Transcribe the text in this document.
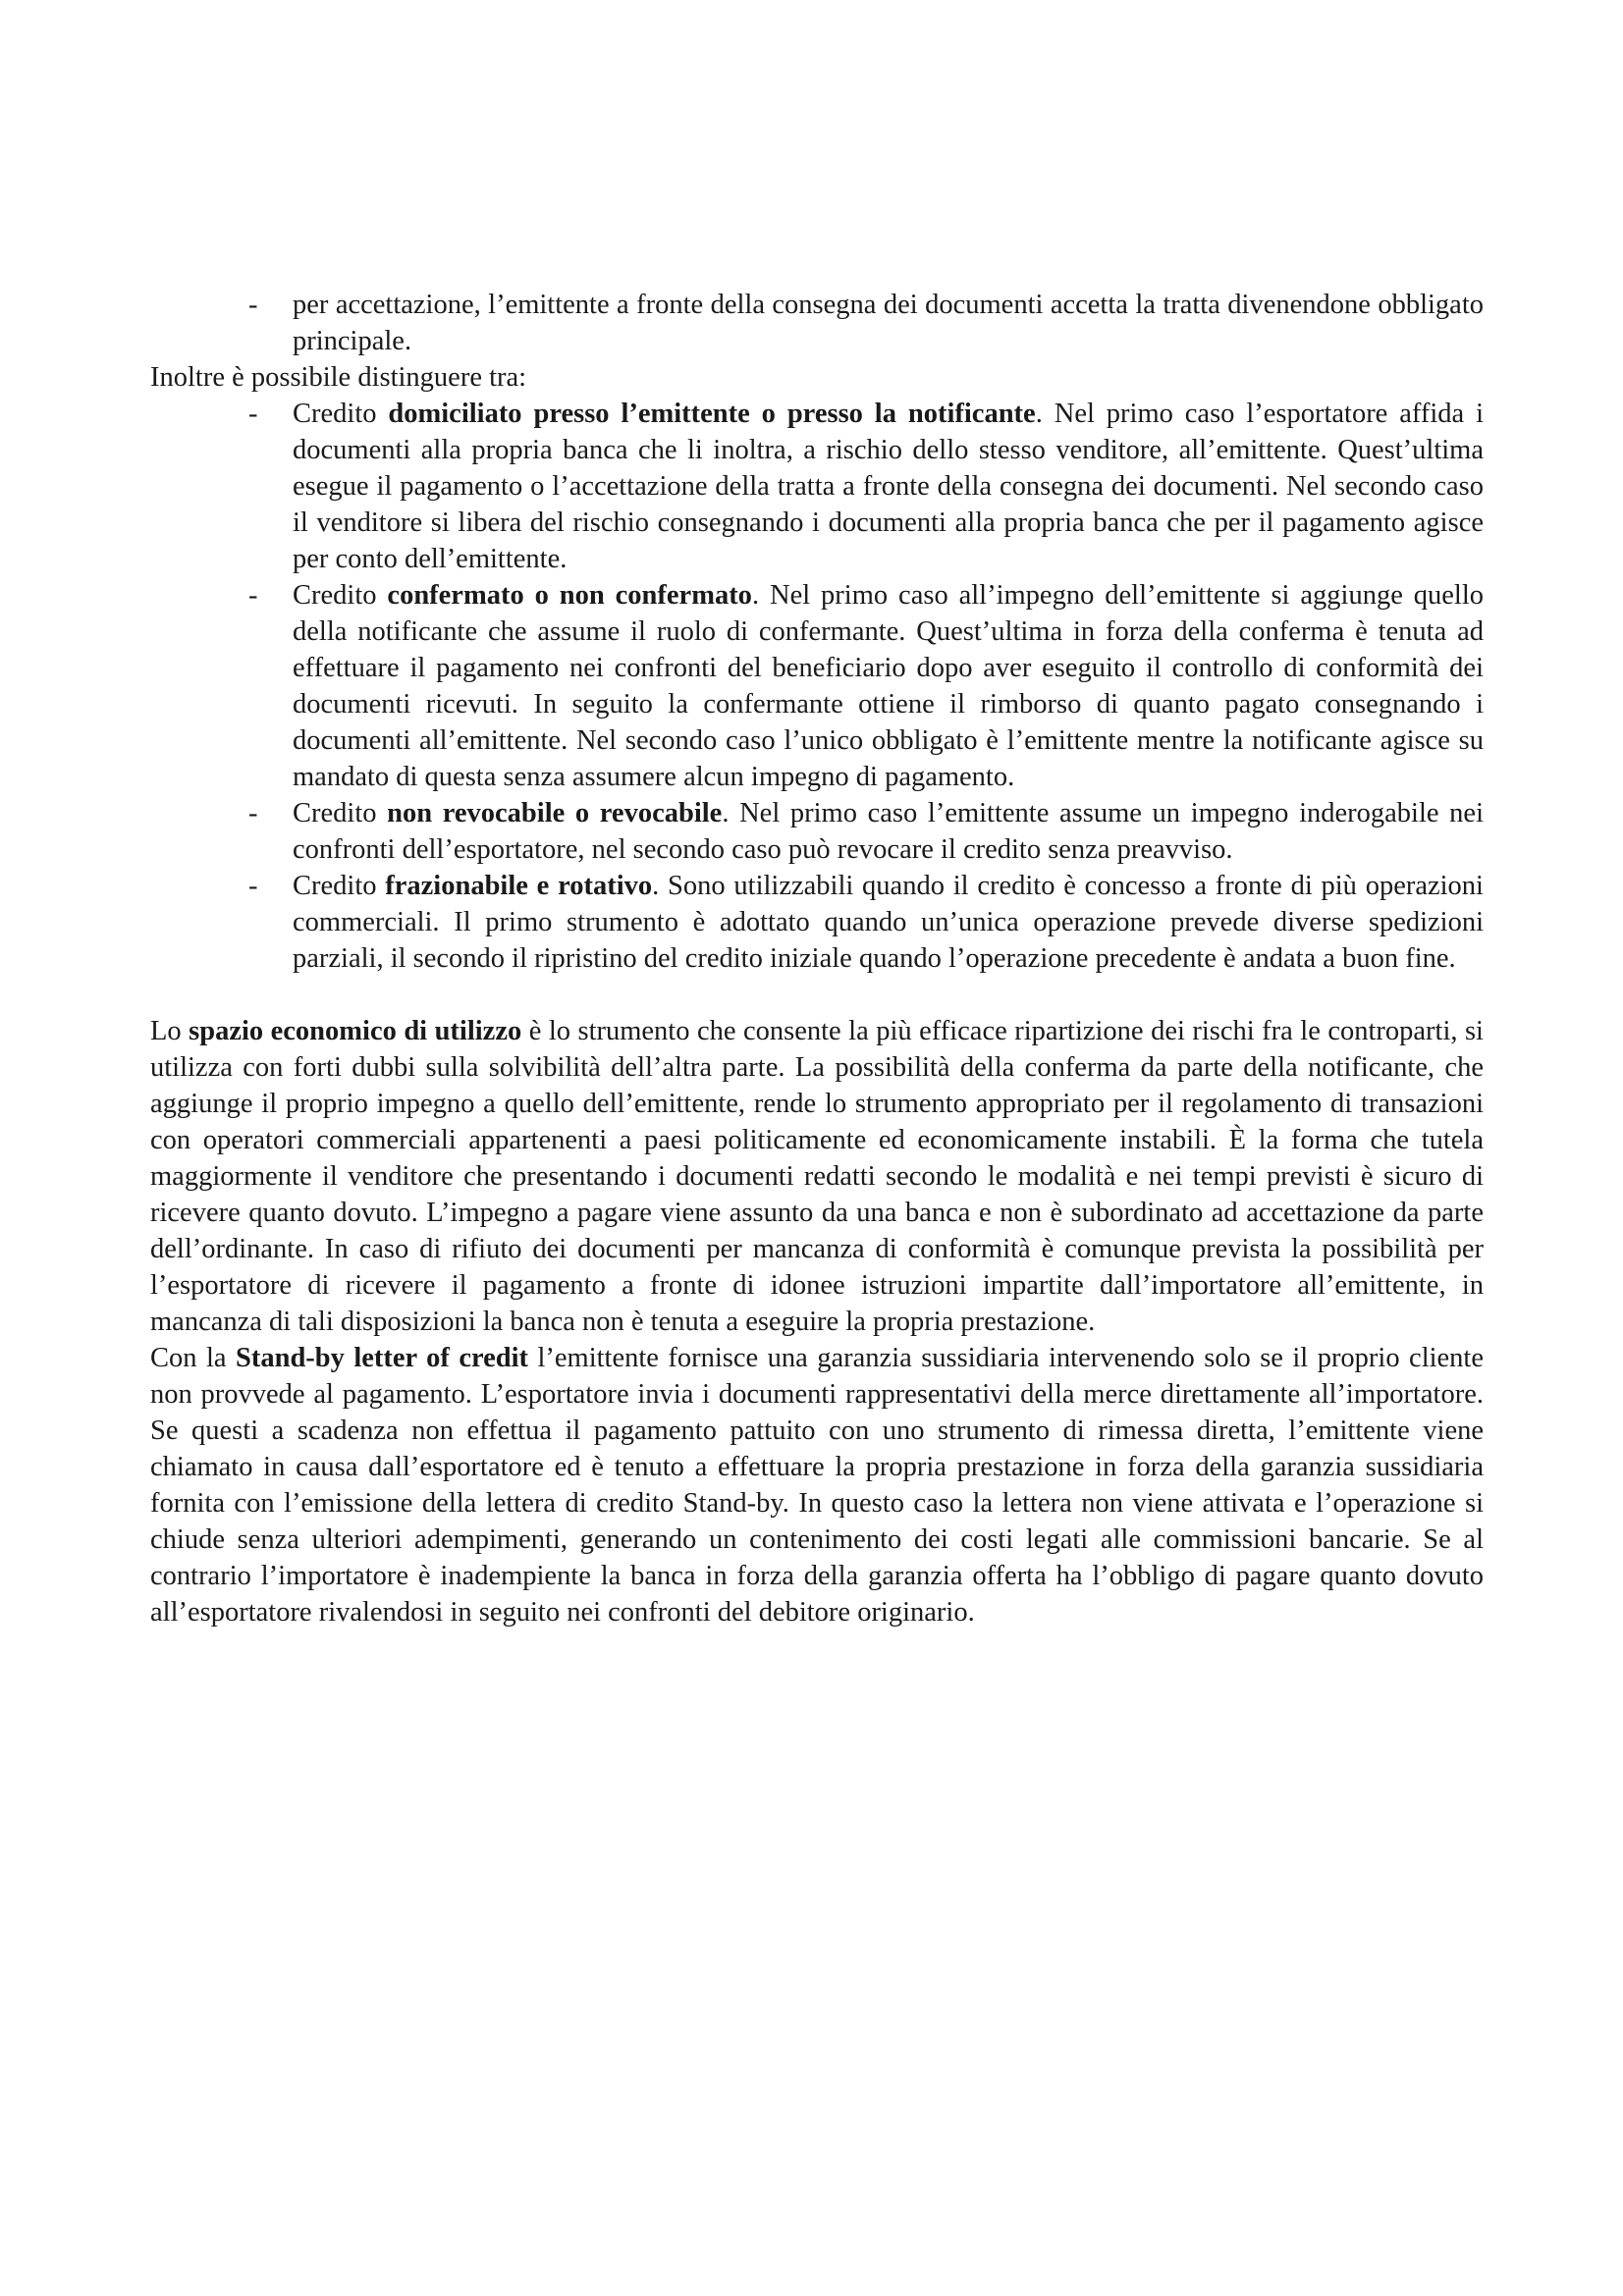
- per accettazione, l’emittente a fronte della consegna dei documenti accetta la tratta divenendone obbligato principale.

Inoltre è possibile distinguere tra:

- Credito domiciliato presso l’emittente o presso la notificante. Nel primo caso l’esportatore affida i documenti alla propria banca che li inoltra, a rischio dello stesso venditore, all’emittente. Quest’ultima esegue il pagamento o l’accettazione della tratta a fronte della consegna dei documenti. Nel secondo caso il venditore si libera del rischio consegnando i documenti alla propria banca che per il pagamento agisce per conto dell’emittente.
- Credito confermato o non confermato. Nel primo caso all’impegno dell’emittente si aggiunge quello della notificante che assume il ruolo di confermante. Quest’ultima in forza della conferma è tenuta ad effettuare il pagamento nei confronti del beneficiario dopo aver eseguito il controllo di conformità dei documenti ricevuti. In seguito la confermante ottiene il rimborso di quanto pagato consegnando i documenti all’emittente. Nel secondo caso l’unico obbligato è l’emittente mentre la notificante agisce su mandato di questa senza assumere alcun impegno di pagamento.
- Credito non revocabile o revocabile. Nel primo caso l’emittente assume un impegno inderogabile nei confronti dell’esportatore, nel secondo caso può revocare il credito senza preavviso.
- Credito frazionabile e rotativo. Sono utilizzabili quando il credito è concesso a fronte di più operazioni commerciali. Il primo strumento è adottato quando un’unica operazione prevede diverse spedizioni parziali, il secondo il ripristino del credito iniziale quando l’operazione precedente è andata a buon fine.

Lo spazio economico di utilizzo è lo strumento che consente la più efficace ripartizione dei rischi fra le controparti, si utilizza con forti dubbi sulla solvibilità dell’altra parte. La possibilità della conferma da parte della notificante, che aggiunge il proprio impegno a quello dell’emittente, rende lo strumento appropriato per il regolamento di transazioni con operatori commerciali appartenenti a paesi politicamente ed economicamente instabili. È la forma che tutela maggiormente il venditore che presentando i documenti redatti secondo le modalità e nei tempi previsti è sicuro di ricevere quanto dovuto. L’impegno a pagare viene assunto da una banca e non è subordinato ad accettazione da parte dell’ordinante. In caso di rifiuto dei documenti per mancanza di conformità è comunque prevista la possibilità per l’esportatore di ricevere il pagamento a fronte di idonee istruzioni impartite dall’importatore all’emittente, in mancanza di tali disposizioni la banca non è tenuta a eseguire la propria prestazione.

Con la Stand-by letter of credit l’emittente fornisce una garanzia sussidiaria intervenendo solo se il proprio cliente non provvede al pagamento. L’esportatore invia i documenti rappresentativi della merce direttamente all’importatore. Se questi a scadenza non effettua il pagamento pattuito con uno strumento di rimessa diretta, l’emittente viene chiamato in causa dall’esportatore ed è tenuto a effettuare la propria prestazione in forza della garanzia sussidiaria fornita con l’emissione della lettera di credito Stand-by. In questo caso la lettera non viene attivata e l’operazione si chiude senza ulteriori adempimenti, generando un contenimento dei costi legati alle commissioni bancarie. Se al contrario l’importatore è inadempiente la banca in forza della garanzia offerta ha l’obbligo di pagare quanto dovuto all’esportatore rivalendosi in seguito nei confronti del debitore originario.
